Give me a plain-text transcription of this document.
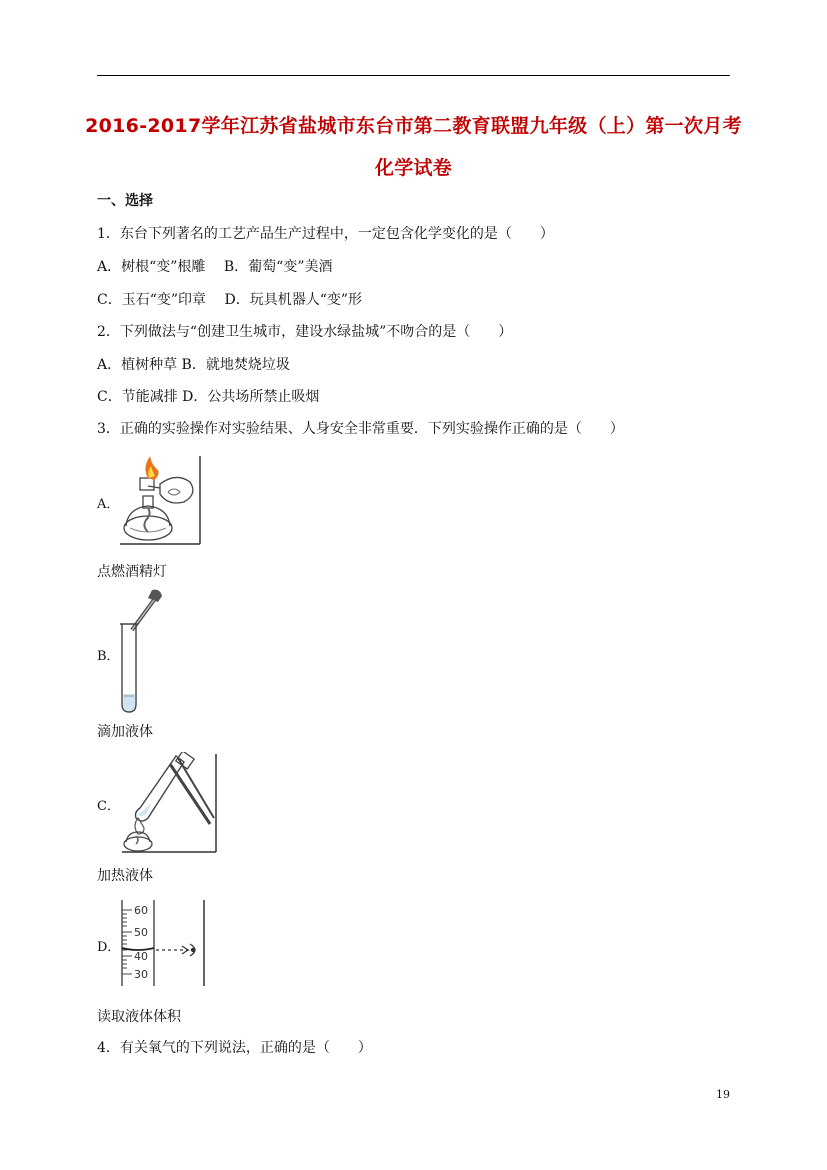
2016-2017学年江苏省盐城市东台市第二教育联盟九年级（上）第一次月考
化学试卷
一、选择
1．东台下列著名的工艺产品生产过程中，一定包含化学变化的是（　　）
A．树根“变”根雕　 B．葡萄“变”美酒
C．玉石“变”印章　 D．玩具机器人“变”形
2．下列做法与“创建卫生城市，建设水绿盐城”不吻合的是（　　）
A．植树种草 B．就地焚烧垃圾
C．节能减排 D．公共场所禁止吸烟
3．正确的实验操作对实验结果、人身安全非常重要．下列实验操作正确的是（　　）
A．
点燃酒精灯
B．
滴加液体
C．
加热液体
D．
60
50
40
30
读取液体体积
4．有关氧气的下列说法，正确的是（　　）
19
